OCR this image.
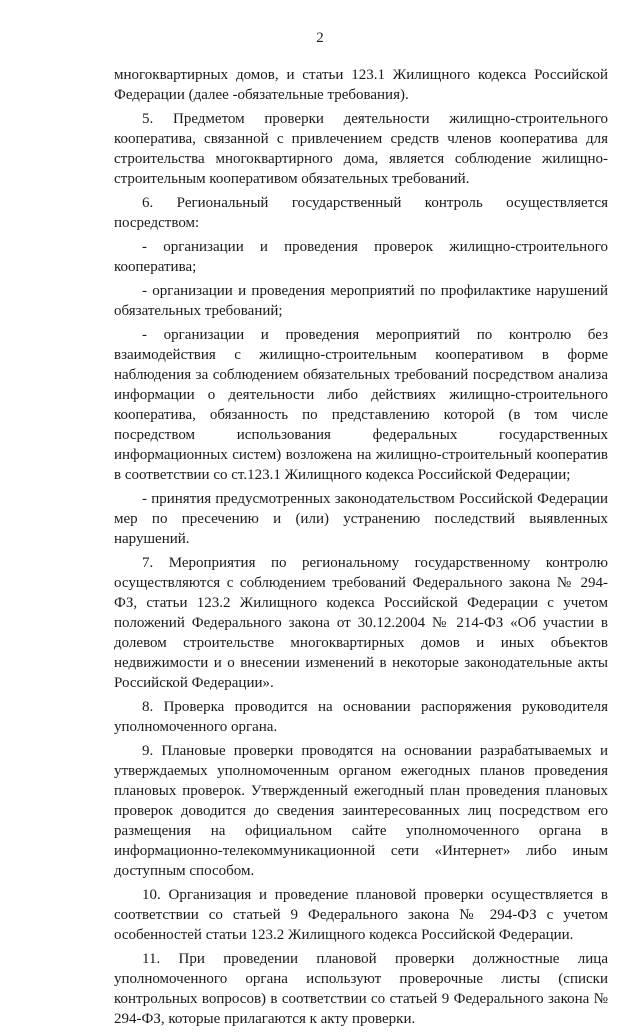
2

многоквартирных домов, и статьи 123.1 Жилищного кодекса Российской Федерации (далее -обязательные требования).

5. Предметом проверки деятельности жилищно-строительного кооператива, связанной с привлечением средств членов кооператива для строительства многоквартирного дома, является соблюдение жилищно-строительным кооперативом обязательных требований.

6. Региональный государственный контроль осуществляется посредством:

- организации и проведения проверок жилищно-строительного кооператива;

- организации и проведения мероприятий по профилактике нарушений обязательных требований;

- организации и проведения мероприятий по контролю без взаимодействия с жилищно-строительным кооперативом в форме наблюдения за соблюдением обязательных требований посредством анализа информации о деятельности либо действиях жилищно-строительного кооператива, обязанность по представлению которой (в том числе посредством использования федеральных государственных информационных систем) возложена на жилищно-строительный кооператив в соответствии со ст.123.1 Жилищного кодекса Российской Федерации;

- принятия предусмотренных законодательством Российской Федерации мер по пресечению и (или) устранению последствий выявленных нарушений.

7. Мероприятия по региональному государственному контролю осуществляются с соблюдением требований Федерального закона № 294-ФЗ, статьи 123.2 Жилищного кодекса Российской Федерации с учетом положений Федерального закона от 30.12.2004 № 214-ФЗ «Об участии в долевом строительстве многоквартирных домов и иных объектов недвижимости и о внесении изменений в некоторые законодательные акты Российской Федерации».

8. Проверка проводится на основании распоряжения руководителя уполномоченного органа.

9. Плановые проверки проводятся на основании разрабатываемых и утверждаемых уполномоченным органом ежегодных планов проведения плановых проверок. Утвержденный ежегодный план проведения плановых проверок доводится до сведения заинтересованных лиц посредством его размещения на официальном сайте уполномоченного органа в информационно-телекоммуникационной сети «Интернет» либо иным доступным способом.

10. Организация и проведение плановой проверки осуществляется в соответствии со статьей 9 Федерального закона № 294-ФЗ с учетом особенностей статьи 123.2 Жилищного кодекса Российской Федерации.

11. При проведении плановой проверки должностные лица уполномоченного органа используют проверочные листы (списки контрольных вопросов) в соответствии со статьей 9 Федерального закона № 294-ФЗ, которые прилагаются к акту проверки.
